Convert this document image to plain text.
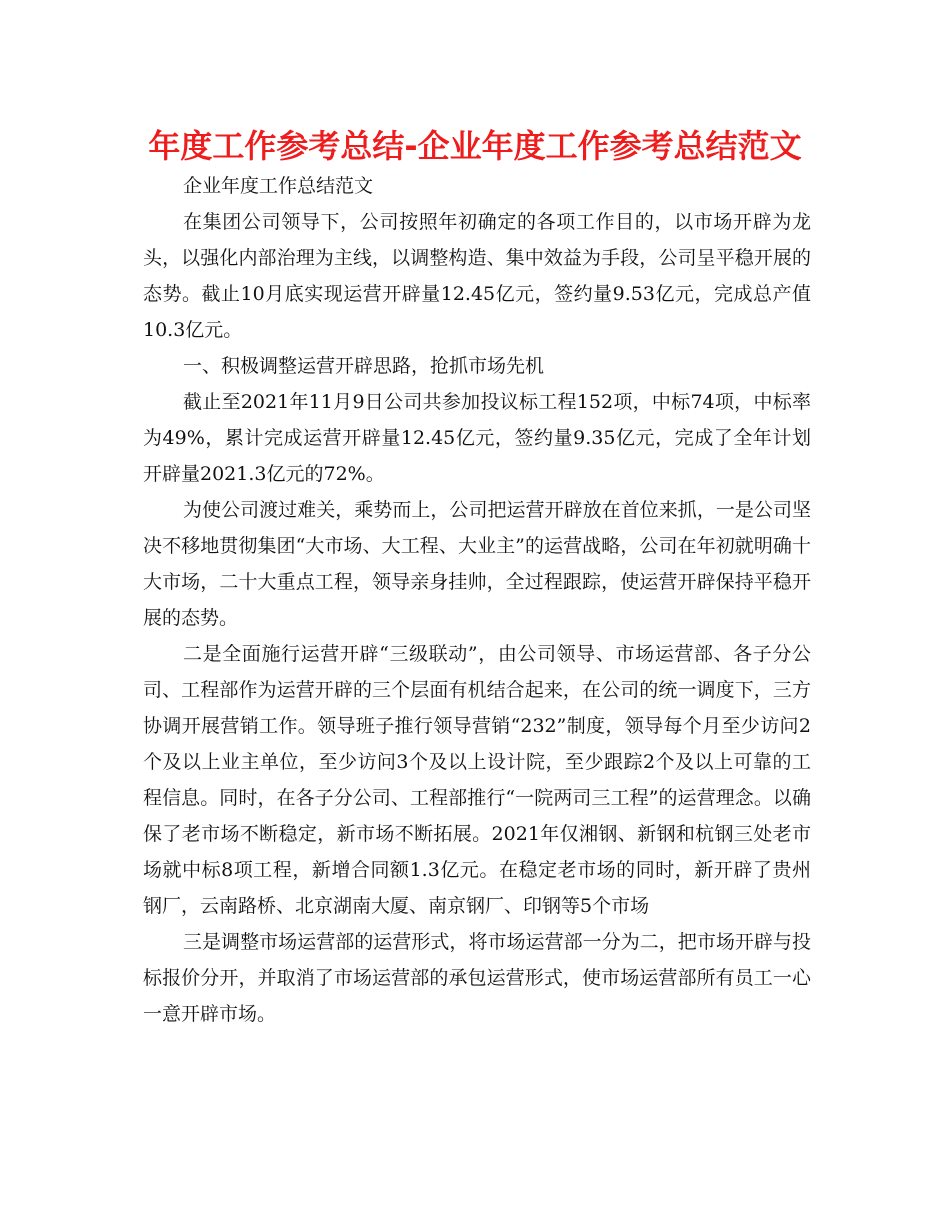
年度工作参考总结-企业年度工作参考总结范文

企业年度工作总结范文

在集团公司领导下，公司按照年初确定的各项工作目的，以市场开辟为龙头，以强化内部治理为主线，以调整构造、集中效益为手段，公司呈平稳开展的态势。截止10月底实现运营开辟量12.45亿元，签约量9.53亿元，完成总产值10.3亿元。

一、积极调整运营开辟思路，抢抓市场先机

截止至2021年11月9日公司共参加投议标工程152项，中标74项，中标率为49%，累计完成运营开辟量12.45亿元，签约量9.35亿元，完成了全年计划开辟量2021.3亿元的72%。

为使公司渡过难关，乘势而上，公司把运营开辟放在首位来抓，一是公司坚决不移地贯彻集团“大市场、大工程、大业主”的运营战略，公司在年初就明确十大市场，二十大重点工程，领导亲身挂帅，全过程跟踪，使运营开辟保持平稳开展的态势。

二是全面施行运营开辟“三级联动”，由公司领导、市场运营部、各子分公司、工程部作为运营开辟的三个层面有机结合起来，在公司的统一调度下，三方协调开展营销工作。领导班子推行领导营销“232”制度，领导每个月至少访问2个及以上业主单位，至少访问3个及以上设计院，至少跟踪2个及以上可靠的工程信息。同时，在各子分公司、工程部推行“一院两司三工程”的运营理念。以确保了老市场不断稳定，新市场不断拓展。2021年仅湘钢、新钢和杭钢三处老市场就中标8项工程，新增合同额1.3亿元。在稳定老市场的同时，新开辟了贵州钢厂，云南路桥、北京湖南大厦、南京钢厂、印钢等5个市场

三是调整市场运营部的运营形式，将市场运营部一分为二，把市场开辟与投标报价分开，并取消了市场运营部的承包运营形式，使市场运营部所有员工一心一意开辟市场。
